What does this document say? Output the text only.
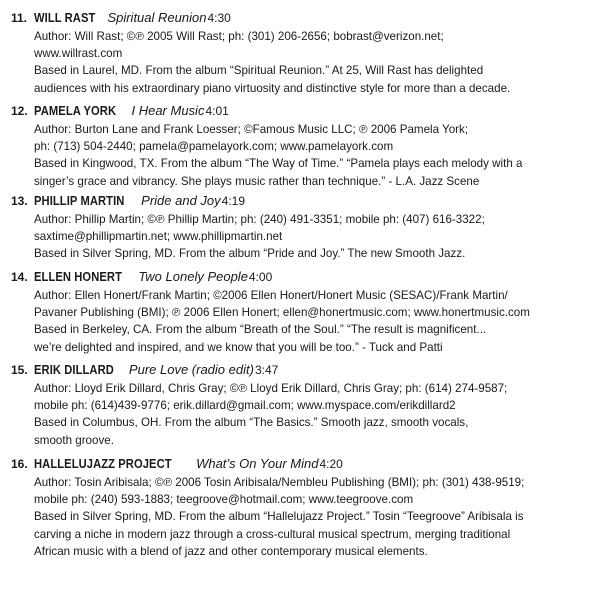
11. WILL RAST Spiritual Reunion4:30
Author: Will Rast; ©℗ 2005 Will Rast; ph: (301) 206-2656; bobrast@verizon.net;
www.willrast.com
Based in Laurel, MD. From the album “Spiritual Reunion.” At 25, Will Rast has delighted
audiences with his extraordinary piano virtuosity and distinctive style for more than a decade.
12. PAMELA YORK I Hear Music4:01
Author: Burton Lane and Frank Loesser; ©Famous Music LLC; ℗ 2006 Pamela York;
ph: (713) 504-2440; pamela@pamelayork.com; www.pamelayork.com
Based in Kingwood, TX. From the album “The Way of Time.” “Pamela plays each melody with a
singer’s grace and vibrancy. She plays music rather than technique.” - L.A. Jazz Scene
13. PHILLIP MARTIN Pride and Joy4:19
Author: Phillip Martin; ©℗ Phillip Martin; ph: (240) 491-3351; mobile ph: (407) 616-3322;
saxtime@phillipmartin.net; www.phillipmartin.net
Based in Silver Spring, MD. From the album “Pride and Joy.” The new Smooth Jazz.
14. ELLEN HONERT Two Lonely People4:00
Author: Ellen Honert/Frank Martin; ©2006 Ellen Honert/Honert Music (SESAC)/Frank Martin/
Pavaner Publishing (BMI); ℗ 2006 Ellen Honert; ellen@honertmusic.com; www.honertmusic.com
Based in Berkeley, CA. From the album “Breath of the Soul.” “The result is magnificent...
we’re delighted and inspired, and we know that you will be too.” - Tuck and Patti
15. ERIK DILLARD Pure Love (radio edit)3:47
Author: Lloyd Erik Dillard, Chris Gray; ©℗ Lloyd Erik Dillard, Chris Gray; ph: (614) 274-9587;
mobile ph: (614)439-9776; erik.dillard@gmail.com; www.myspace.com/erikdillard2
Based in Columbus, OH. From the album “The Basics.” Smooth jazz, smooth vocals,
smooth groove.
16. HALLELUJAZZ PROJECT What’s On Your Mind4:20
Author: Tosin Aribisala; ©℗ 2006 Tosin Aribisala/Nembleu Publishing (BMI); ph: (301) 438-9519;
mobile ph: (240) 593-1883; teegroove@hotmail.com; www.teegroove.com
Based in Silver Spring, MD. From the album “Hallelujazz Project.” Tosin “Teegroove” Aribisala is
carving a niche in modern jazz through a cross-cultural musical spectrum, merging traditional
African music with a blend of jazz and other contemporary musical elements.
